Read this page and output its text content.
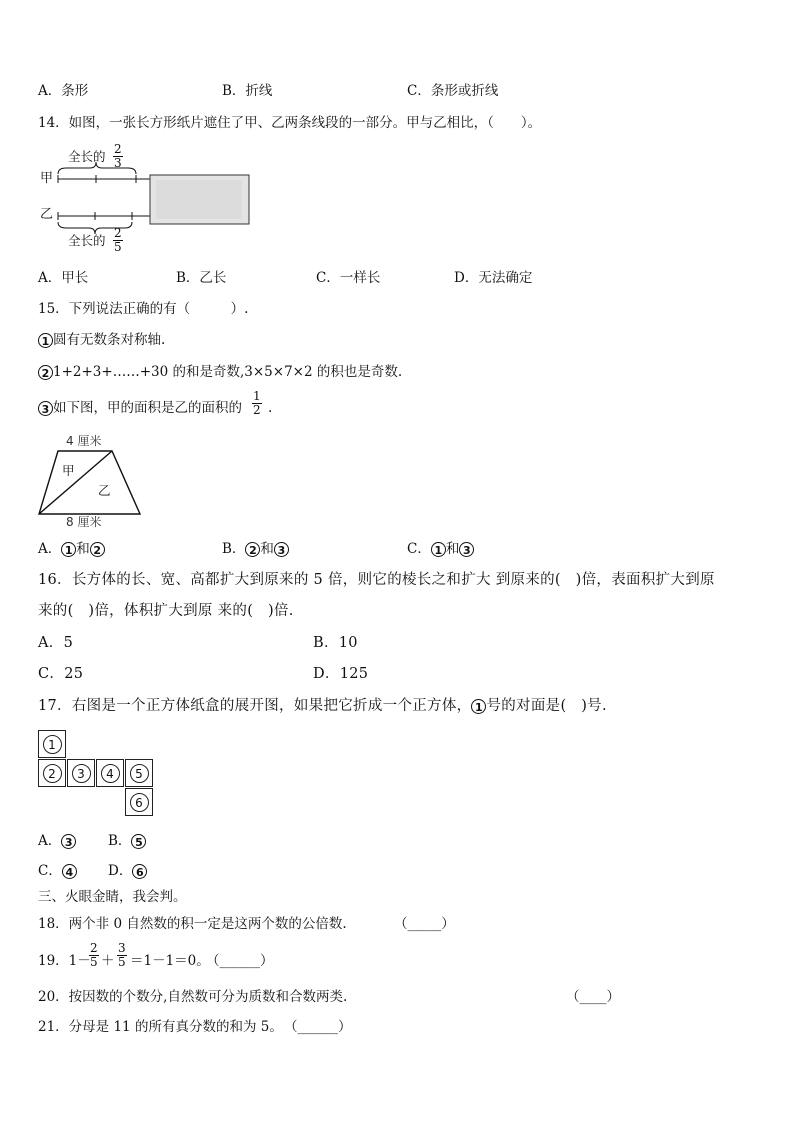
A．条形	B．折线	C．条形或折线
14．如图，一张长方形纸片遮住了甲、乙两条线段的一部分。甲与乙相比，（　　）。
甲
乙
全长的 $\frac{2}{3}$
全长的 $\frac{2}{5}$
A．甲长	B．乙长	C．一样长	D．无法确定
15．下列说法正确的有（　　　）.
1 圆有无数条对称轴.
2 1+2+3+……+30 的和是奇数,3×5×7×2 的积也是奇数.
3 如下图，甲的面积是乙的面积的 $\frac{1}{2}$ .
4 厘米
8 厘米
甲
乙
A． 1 和 2	B． 2 和 3	C． 1 和 3
16．长方体的长、宽、高都扩大到原来的 5 倍，则它的棱长之和扩大 到原来的(　)倍，表面积扩大到原
来的(　)倍，体积扩大到原 来的(　)倍.
A．5	B．10
C．25	D．125
17．右图是一个正方体纸盒的展开图，如果把它折成一个正方体， 1 号的对面是(　)号.
1
2	3	4	5
6
A． 3	B． 5
C． 4	D． 6
三、火眼金睛，我会判。
18．两个非 0 自然数的积一定是这两个数的公倍数.	（_____）
19．1－
$\frac{2}{5} + \frac{3}{5} =1-1=0$。
（______）
20．按因数的个数分,自然数可分为质数和合数两类.	（____）
21．分母是 11 的所有真分数的和为 5。 （______）
